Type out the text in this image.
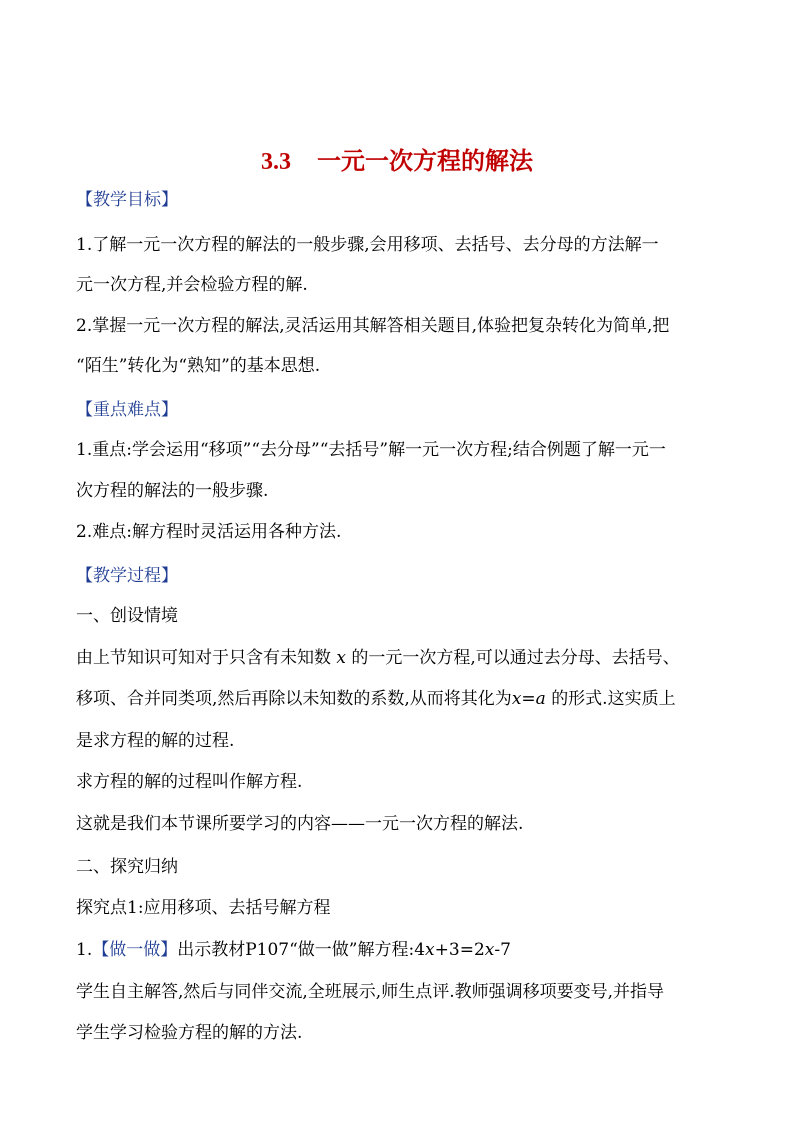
3.3 一元一次方程的解法
【教学目标】
1.了解一元一次方程的解法的一般步骤,会用移项、去括号、去分母的方法解一
元一次方程,并会检验方程的解.
2.掌握一元一次方程的解法,灵活运用其解答相关题目,体验把复杂转化为简单,把
“陌生”转化为“熟知”的基本思想.
【重点难点】
1.重点:学会运用“移项”“去分母”“去括号”解一元一次方程;结合例题了解一元一
次方程的解法的一般步骤.
2.难点:解方程时灵活运用各种方法.
【教学过程】
一、创设情境
由上节知识可知对于只含有未知数 x 的一元一次方程,可以通过去分母、去括号、
移项、合并同类项,然后再除以未知数的系数,从而将其化为x=a 的形式.这实质上
是求方程的解的过程.
求方程的解的过程叫作解方程.
这就是我们本节课所要学习的内容——一元一次方程的解法.
二、探究归纳
探究点1:应用移项、去括号解方程
1.【做一做】出示教材P107“做一做”解方程:4x+3=2x-7
学生自主解答,然后与同伴交流,全班展示,师生点评.教师强调移项要变号,并指导
学生学习检验方程的解的方法.
